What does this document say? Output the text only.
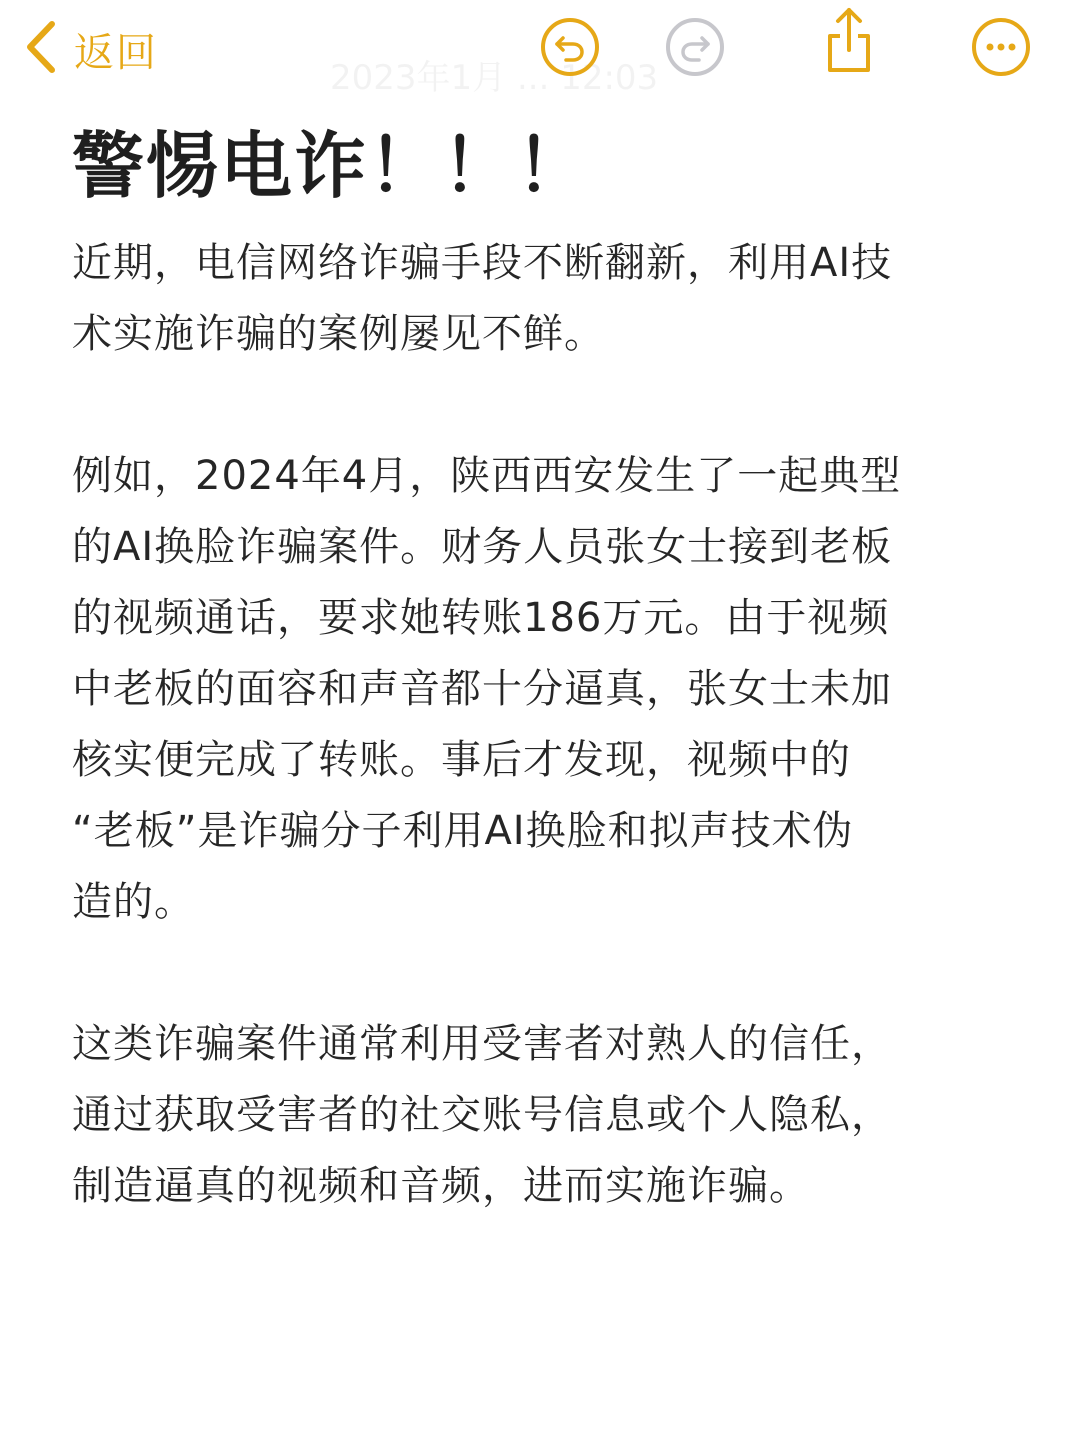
返回
2023年1月 ... 12:03
警惕电诈！！！

近期，电信网络诈骗手段不断翻新，利用AI技
术实施诈骗的案例屡见不鲜。

例如，2024年4月，陕西西安发生了一起典型
的AI换脸诈骗案件。财务人员张女士接到老板
的视频通话，要求她转账186万元。由于视频
中老板的面容和声音都十分逼真，张女士未加
核实便完成了转账。事后才发现，视频中的
“老板”是诈骗分子利用AI换脸和拟声技术伪
造的。

这类诈骗案件通常利用受害者对熟人的信任，
通过获取受害者的社交账号信息或个人隐私，
制造逼真的视频和音频，进而实施诈骗。
